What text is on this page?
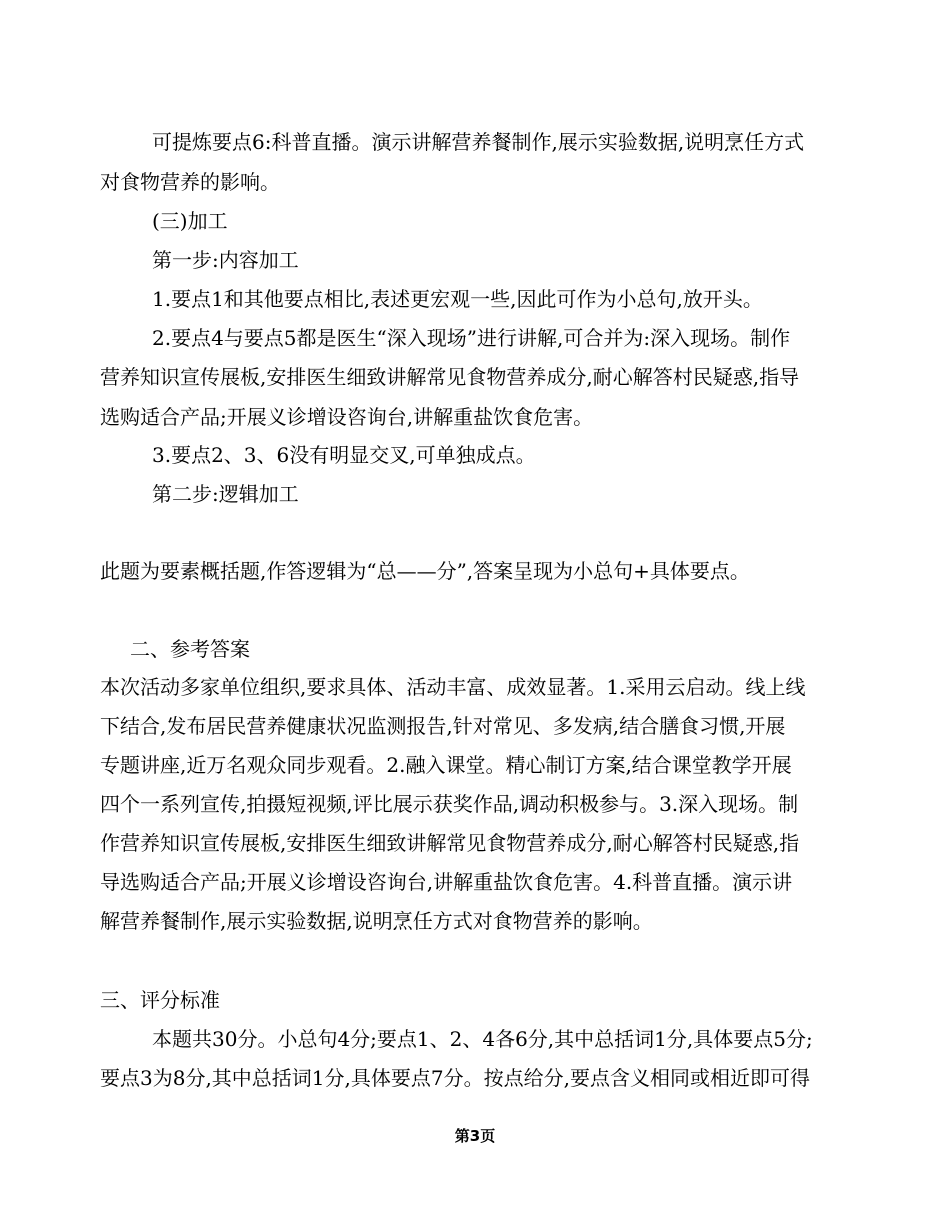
可提炼要点6:科普直播。演示讲解营养餐制作,展示实验数据,说明烹任方式
对食物营养的影响。
(三)加工
第一步:内容加工
1.要点1和其他要点相比,表述更宏观一些,因此可作为小总句,放开头。
2.要点4与要点5都是医生“深入现场”进行讲解,可合并为:深入现场。制作
营养知识宣传展板,安排医生细致讲解常见食物营养成分,耐心解答村民疑惑,指导
选购适合产品;开展义诊增设咨询台,讲解重盐饮食危害。
3.要点2、3、6没有明显交叉,可单独成点。
第二步:逻辑加工
此题为要素概括题,作答逻辑为“总——分”,答案呈现为小总句+具体要点。
二、参考答案
本次活动多家单位组织,要求具体、活动丰富、成效显著。1.采用云启动。线上线
下结合,发布居民营养健康状况监测报告,针对常见、多发病,结合膳食习惯,开展
专题讲座,近万名观众同步观看。2.融入课堂。精心制订方案,结合课堂教学开展
四个一系列宣传,拍摄短视频,评比展示获奖作品,调动积极参与。3.深入现场。制
作营养知识宣传展板,安排医生细致讲解常见食物营养成分,耐心解答村民疑惑,指
导选购适合产品;开展义诊增设咨询台,讲解重盐饮食危害。4.科普直播。演示讲
解营养餐制作,展示实验数据,说明烹任方式对食物营养的影响。
三、评分标准
本题共30分。小总句4分;要点1、2、4各6分,其中总括词1分,具体要点5分;
要点3为8分,其中总括词1分,具体要点7分。按点给分,要点含义相同或相近即可得
第3页
